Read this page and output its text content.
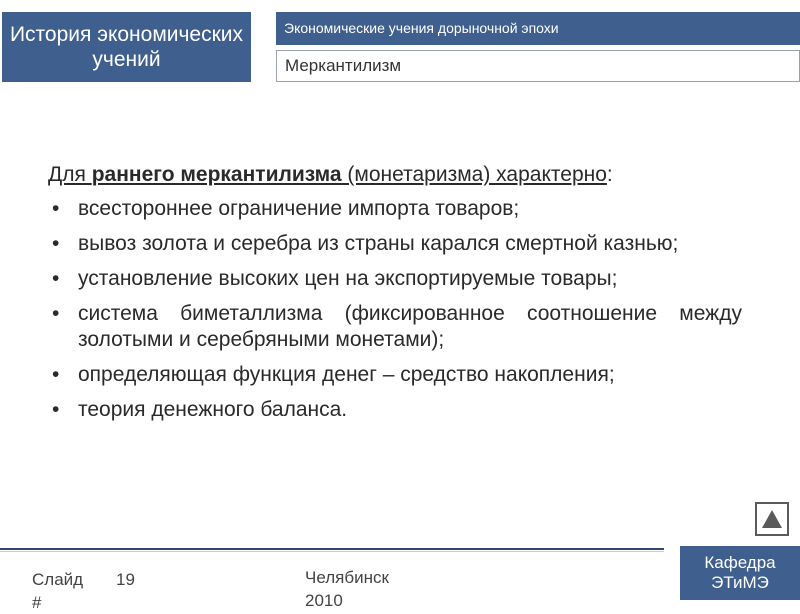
История экономических учений
Экономические учения дорыночной эпохи
Меркантилизм

Для раннего меркантилизма (монетаризма) характерно:

• всестороннее ограничение импорта товаров;
• вывоз золота и серебра из страны карался смертной казнью;
• установление высоких цен на экспортируемые товары;
• система биметаллизма (фиксированное соотношение между золотыми и серебряными монетами);
• определяющая функция денег – средство накопления;
• теория денежного баланса.
Слайд #
19	Челябинск 2010
Кафедра ЭТиМЭ
